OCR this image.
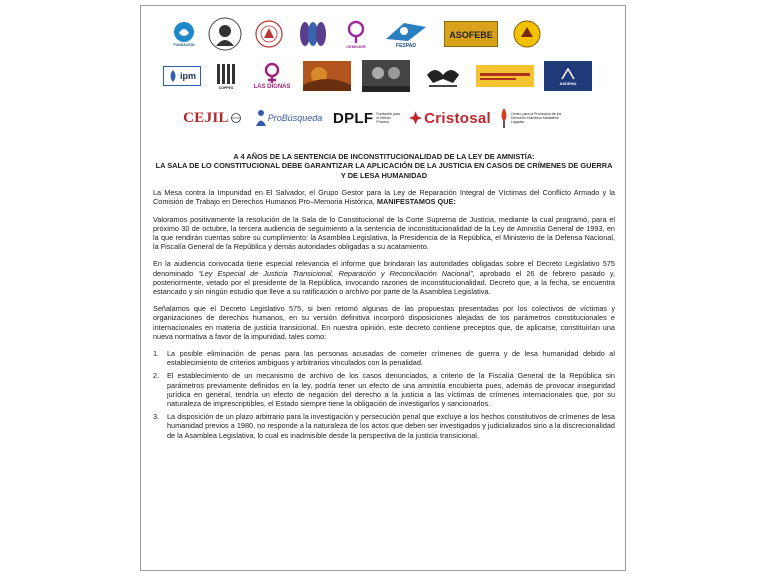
FUNDACIÓN	CEMUJER	FESPAD
ASOFEBE
ipm
COPPES	LAS DIGNAS
ASDEHU
CEJIL	ProBúsqueda DPLF Fundación para el Debido Proceso	Cristosal	Centro para la Promoción de los Derechos Humanos Madeleine Lagadec
A 4 AÑOS DE LA SENTENCIA DE INCONSTITUCIONALIDAD DE LA LEY DE AMNISTÍA:
LA SALA DE LO CONSTITUCIONAL DEBE GARANTIZAR LA APLICACIÓN DE LA JUSTICIA EN CASOS DE CRÍMENES DE GUERRA Y DE LESA HUMANIDAD

La Mesa contra la Impunidad en El Salvador, el Grupo Gestor para la Ley de Reparación Integral de Víctimas del Conflicto Armado y la Comisión de Trabajo en Derechos Humanos Pro–Memoria Histórica, MANIFESTAMOS QUE:

Valoramos positivamente la resolución de la Sala de lo Constitucional de la Corte Suprema de Justicia, mediante la cual programó, para el próximo 30 de octubre, la tercera audiencia de seguimiento a la sentencia de inconstitucionalidad de la Ley de Amnistía General de 1993, en la que rendirán cuentas sobre su cumplimiento: la Asamblea Legislativa, la Presidencia de la República, el Ministerio de la Defensa Nacional, la Fiscalía General de la República y demás autoridades obligadas a su acatamiento.

En la audiencia convocada tiene especial relevancia el informe que brindaran las autoridades obligadas sobre el Decreto Legislativo 575 denominado “Ley Especial de Justicia Transicional, Reparación y Reconciliación Nacional”, aprobado el 26 de febrero pasado y, posteriormente, vetado por el presidente de la República, invocando razones de inconstitucionalidad. Decreto que, a la fecha, se encuentra estancado y sin ningún estudio que lleve a su ratificación o archivo por parte de la Asamblea Legislativa.

Señalamos que el Decreto Legislativo 575, si bien retomó algunas de las propuestas presentadas por los colectivos de víctimas y organizaciones de derechos humanos, en su versión definitiva incorporó disposiciones alejadas de los parámetros constitucionales e internacionales en materia de justicia transicional. En nuestra opinión, este decreto contiene preceptos que, de aplicarse, constituirían una nueva normativa a favor de la impunidad, tales como:

1.	La posible eliminación de penas para las personas acusadas de cometer crímenes de guerra y de lesa humanidad debido al establecimiento de criterios ambiguos y arbitrarios vinculados con la penalidad.
2.	El establecimiento de un mecanismo de archivo de los casos denunciados, a criterio de la Fiscalía General de la República sin parámetros previamente definidos en la ley, podría tener un efecto de una amnistía encubierta pues, además de provocar inseguridad jurídica en general, tendría un efecto de negación del derecho a la justicia a las víctimas de crímenes internacionales que, por su naturaleza de imprescriptibles, el Estado siempre tiene la obligación de investigarlos y sancionarlos.
3.	La disposición de un plazo arbitrario para la investigación y persecución penal que excluye a los hechos constitutivos de crímenes de lesa humanidad previos a 1980, no responde a la naturaleza de los actos que deben ser investigados y judicializados sino a la discrecionalidad de la Asamblea Legislativa, lo cual es inadmisible desde la perspectiva de la justicia transicional.
